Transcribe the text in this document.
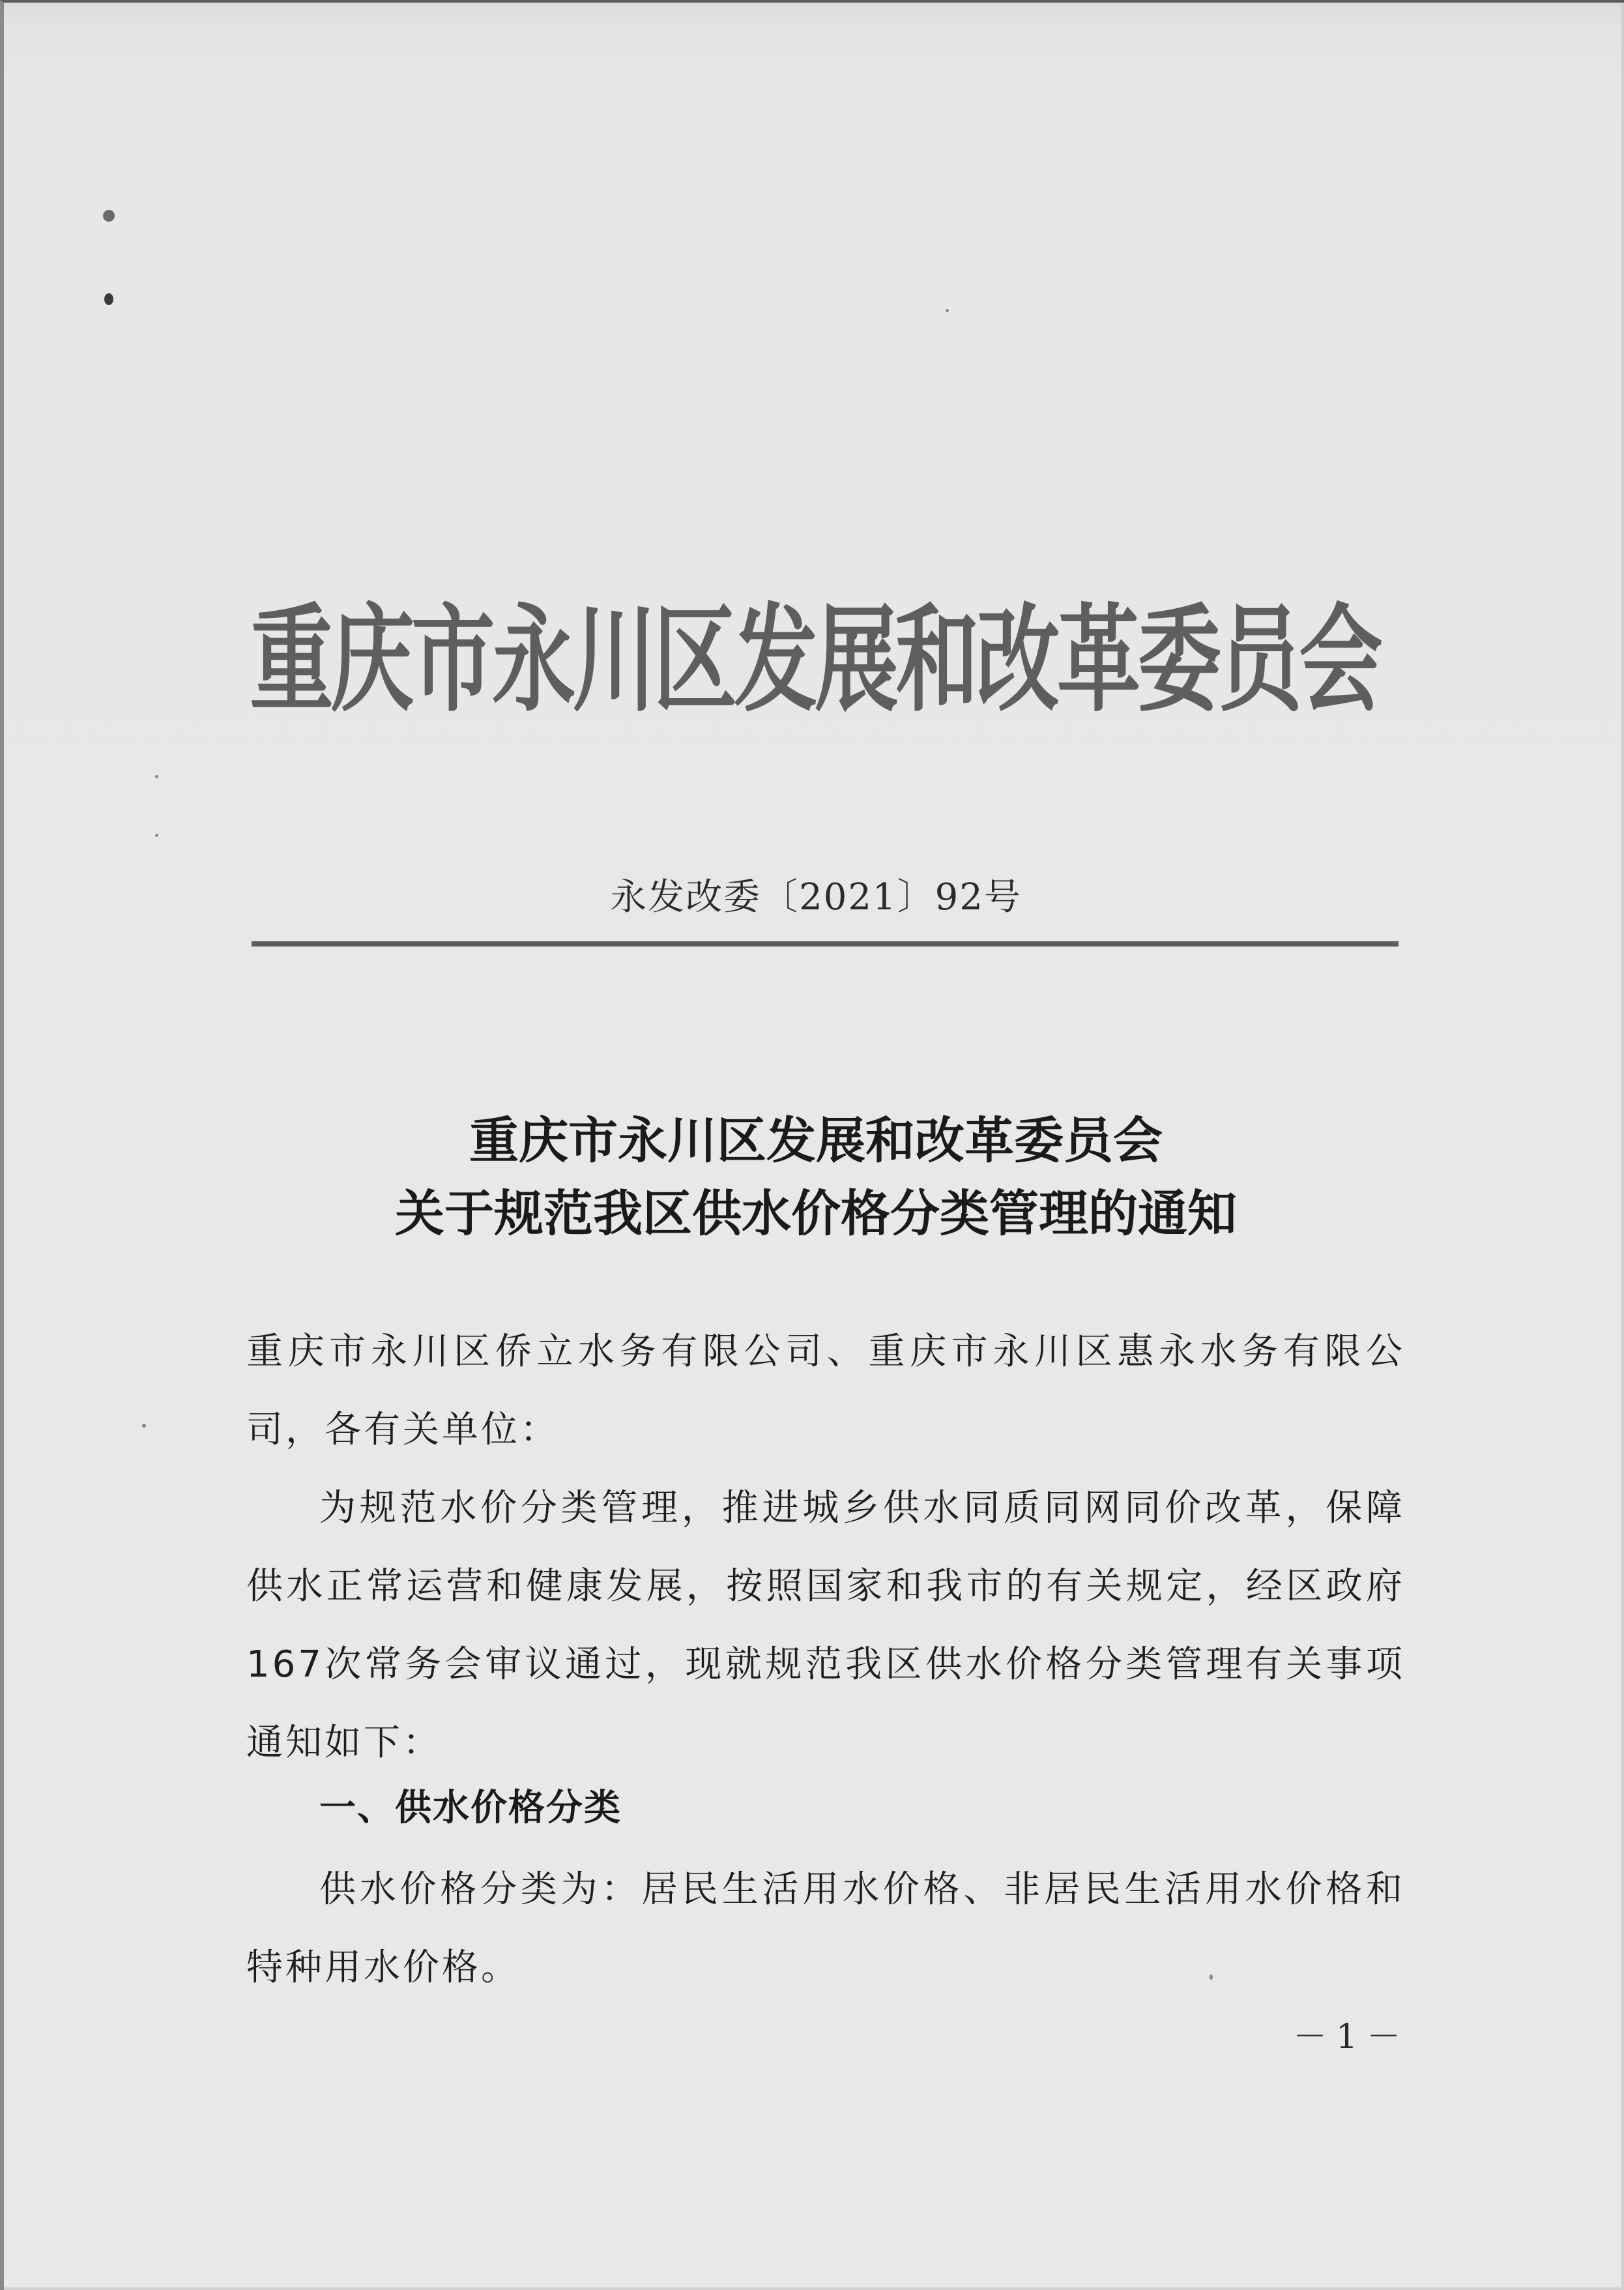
重庆市永川区发展和改革委员会
永发改委〔2021〕92号
重庆市永川区发展和改革委员会
关于规范我区供水价格分类管理的通知
重庆市永川区侨立水务有限公司、重庆市永川区惠永水务有限公司，各有关单位：
为规范水价分类管理，推进城乡供水同质同网同价改革，保障供水正常运营和健康发展，按照国家和我市的有关规定，经区政府167次常务会审议通过，现就规范我区供水价格分类管理有关事项通知如下：
一、供水价格分类
供水价格分类为：居民生活用水价格、非居民生活用水价格和特种用水价格。
－1－
